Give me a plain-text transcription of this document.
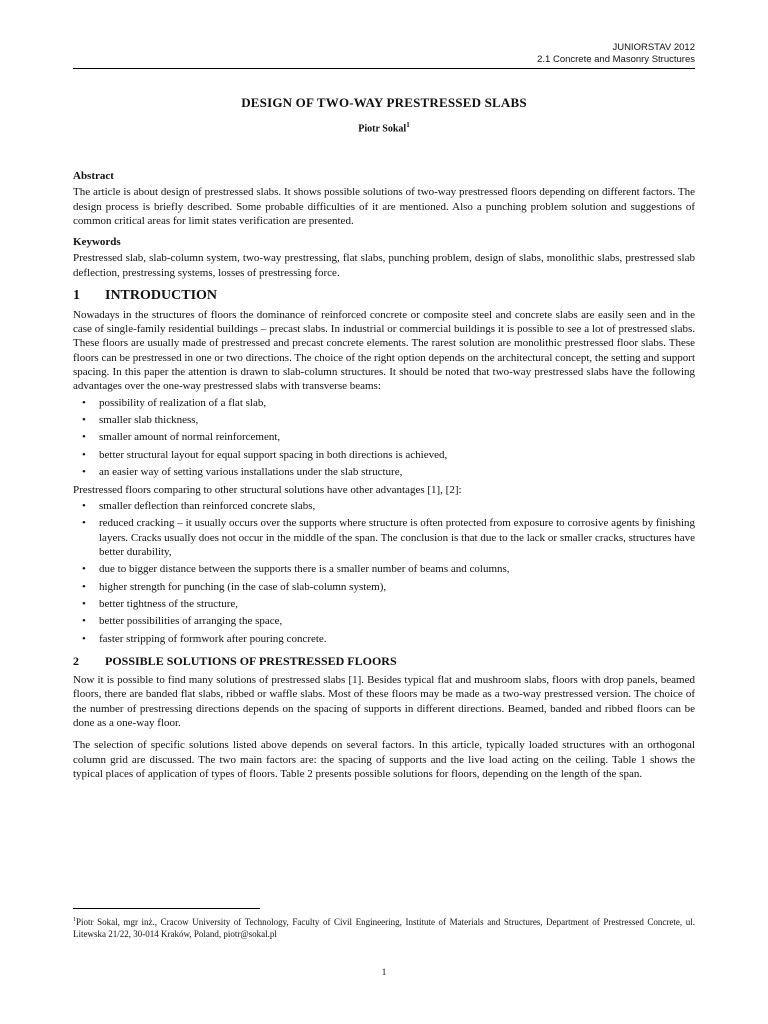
JUNIORSTAV 2012
2.1 Concrete and Masonry Structures
DESIGN OF TWO-WAY PRESTRESSED SLABS
Piotr Sokal$^1$
Abstract

The article is about design of prestressed slabs. It shows possible solutions of two-way prestressed floors depending on different factors. The design process is briefly described. Some probable difficulties of it are mentioned. Also a punching problem solution and suggestions of common critical areas for limit states verification are presented.

Keywords

Prestressed slab, slab-column system, two-way prestressing, flat slabs, punching problem, design of slabs, monolithic slabs, prestressed slab deflection, prestressing systems, losses of prestressing force.

1	INTRODUCTION

Nowadays in the structures of floors the dominance of reinforced concrete or composite steel and concrete slabs are easily seen and in the case of single-family residential buildings – precast slabs. In industrial or commercial buildings it is possible to see a lot of prestressed slabs. These floors are usually made of prestressed and precast concrete elements. The rarest solution are monolithic prestressed floor slabs. These floors can be prestressed in one or two directions. The choice of the right option depends on the architectural concept, the setting and support spacing. In this paper the attention is drawn to slab-column structures. It should be noted that two-way prestressed slabs have the following advantages over the one-way prestressed slabs with transverse beams:

• possibility of realization of a flat slab,
• smaller slab thickness,
• smaller amount of normal reinforcement,
• better structural layout for equal support spacing in both directions is achieved,
• an easier way of setting various installations under the slab structure,

Prestressed floors comparing to other structural solutions have other advantages [1], [2]:

• smaller deflection than reinforced concrete slabs,
• reduced cracking – it usually occurs over the supports where structure is often protected from exposure to corrosive agents by finishing layers. Cracks usually does not occur in the middle of the span. The conclusion is that due to the lack or smaller cracks, structures have better durability,
• due to bigger distance between the supports there is a smaller number of beams and columns,
• higher strength for punching (in the case of slab-column system),
• better tightness of the structure,
• better possibilities of arranging the space,
• faster stripping of formwork after pouring concrete.
2	POSSIBLE SOLUTIONS OF PRESTRESSED FLOORS

Now it is possible to find many solutions of prestressed slabs [1]. Besides typical flat and mushroom slabs, floors with drop panels, beamed floors, there are banded flat slabs, ribbed or waffle slabs. Most of these floors may be made as a two-way prestressed version. The choice of the number of prestressing directions depends on the spacing of supports in different directions. Beamed, banded and ribbed floors can be done as a one-way floor.

The selection of specific solutions listed above depends on several factors. In this article, typically loaded structures with an orthogonal column grid are discussed. The two main factors are: the spacing of supports and the live load acting on the ceiling. Table 1 shows the typical places of application of types of floors. Table 2 presents possible solutions for floors, depending on the length of the span.

$^1$Piotr Sokal, mgr inż., Cracow University of Technology, Faculty of Civil Engineering, Institute of Materials and Structures, Department of Prestressed Concrete, ul. Litewska 21/22, 30-014 Kraków, Poland, piotr@sokal.pl
1
